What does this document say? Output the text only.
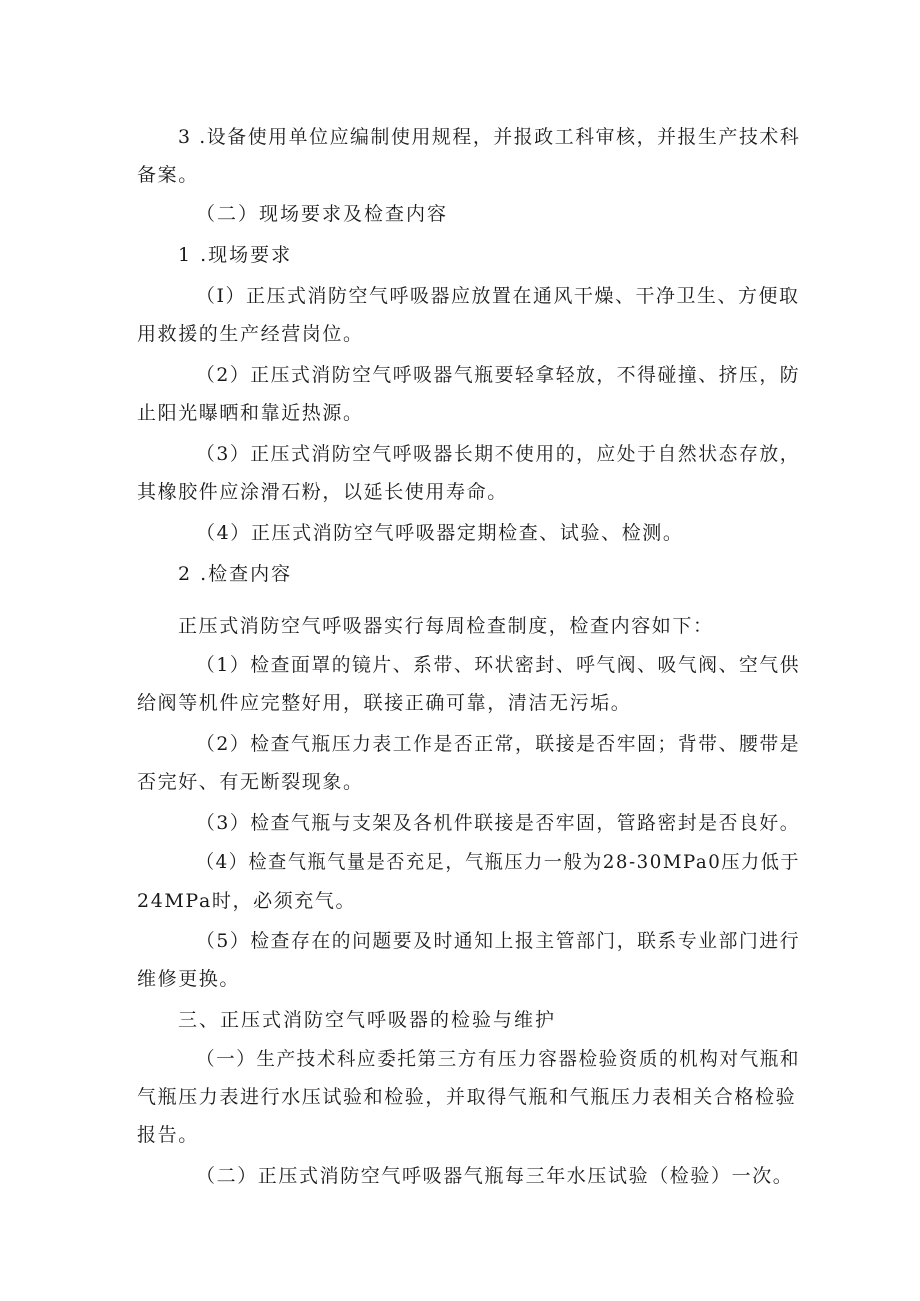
3 .设备使用单位应编制使用规程，并报政工科审核，并报生产技术科
备案。
（二）现场要求及检查内容
1 .现场要求
（I）正压式消防空气呼吸器应放置在通风干燥、干净卫生、方便取
用救援的生产经营岗位。
（2）正压式消防空气呼吸器气瓶要轻拿轻放，不得碰撞、挤压，防
止阳光曝晒和靠近热源。
（3）正压式消防空气呼吸器长期不使用的，应处于自然状态存放，
其橡胶件应涂滑石粉，以延长使用寿命。
（4）正压式消防空气呼吸器定期检查、试验、检测。
2 .检查内容
正压式消防空气呼吸器实行每周检查制度，检查内容如下：
（1）检查面罩的镜片、系带、环状密封、呼气阀、吸气阀、空气供
给阀等机件应完整好用，联接正确可靠，清洁无污垢。
（2）检查气瓶压力表工作是否正常，联接是否牢固；背带、腰带是
否完好、有无断裂现象。
（3）检查气瓶与支架及各机件联接是否牢固，管路密封是否良好。
（4）检查气瓶气量是否充足，气瓶压力一般为28-30MPa0压力低于
24MPa时，必须充气。
（5）检查存在的问题要及时通知上报主管部门，联系专业部门进行
维修更换。
三、正压式消防空气呼吸器的检验与维护
（一）生产技术科应委托第三方有压力容器检验资质的机构对气瓶和
气瓶压力表进行水压试验和检验，并取得气瓶和气瓶压力表相关合格检验
报告。
（二）正压式消防空气呼吸器气瓶每三年水压试验（检验）一次。
